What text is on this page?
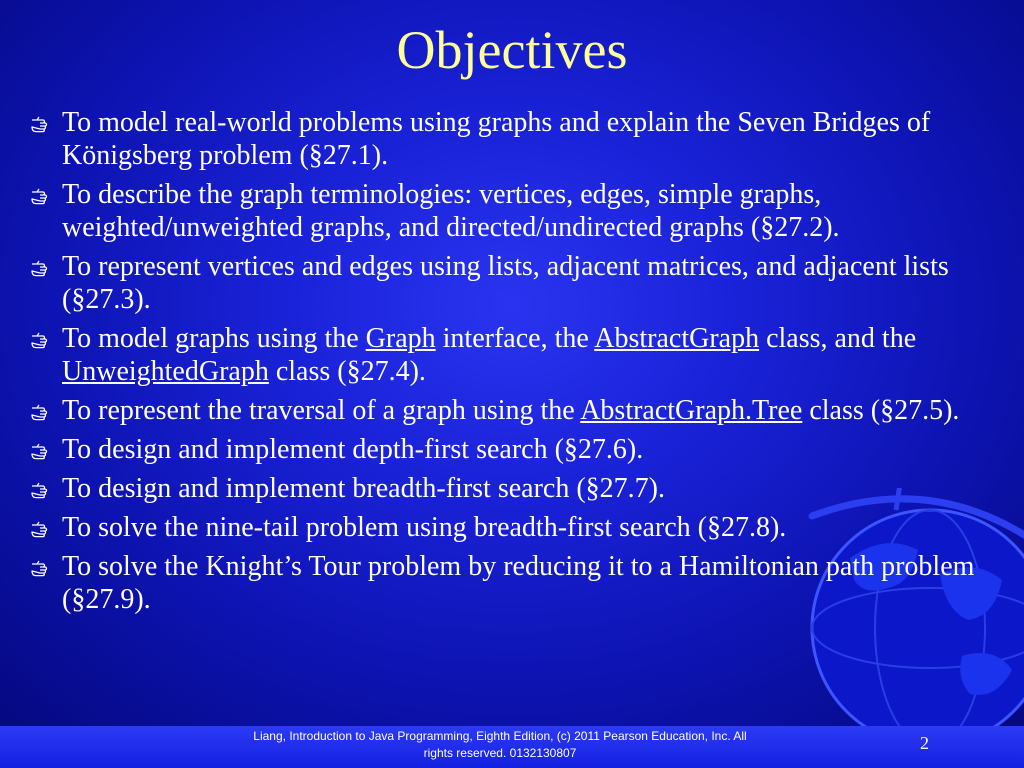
Objectives
To model real-world problems using graphs and explain the Seven Bridges of Königsberg problem (§27.1).
To describe the graph terminologies: vertices, edges, simple graphs, weighted/unweighted graphs, and directed/undirected graphs (§27.2).
To represent vertices and edges using lists, adjacent matrices, and adjacent lists (§27.3).
To model graphs using the Graph interface, the AbstractGraph class, and the UnweightedGraph class (§27.4).
To represent the traversal of a graph using the AbstractGraph.Tree class (§27.5).
To design and implement depth-first search (§27.6).
To design and implement breadth-first search (§27.7).
To solve the nine-tail problem using breadth-first search (§27.8).
To solve the Knight’s Tour problem by reducing it to a Hamiltonian path problem (§27.9).
Liang, Introduction to Java Programming, Eighth Edition, (c) 2011 Pearson Education, Inc. All
rights reserved. 0132130807	2
